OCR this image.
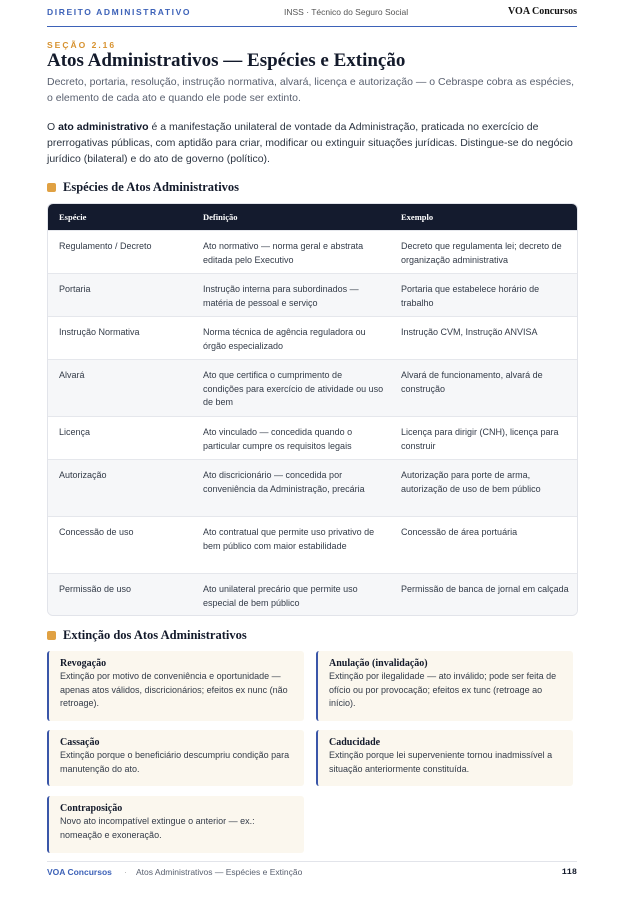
DIREITO ADMINISTRATIVO	INSS · Técnico do Seguro Social	VOA Concursos
SEÇÃO 2.16
Atos Administrativos — Espécies e Extinção

Decreto, portaria, resolução, instrução normativa, alvará, licença e autorização — o Cebraspe cobra as espécies, o elemento de cada ato e quando ele pode ser extinto.

O ato administrativo é a manifestação unilateral de vontade da Administração, praticada no exercício de prerrogativas públicas, com aptidão para criar, modificar ou extinguir situações jurídicas. Distingue-se do negócio jurídico (bilateral) e do ato de governo (político).

Espécies de Atos Administrativos
Espécie	Definição	Exemplo
Regulamento / Decreto	Ato normativo — norma geral e abstrata editada pelo Executivo	Decreto que regulamenta lei; decreto de organização administrativa
Portaria	Instrução interna para subordinados — matéria de pessoal e serviço	Portaria que estabelece horário de trabalho
Instrução Normativa	Norma técnica de agência reguladora ou órgão especializado	Instrução CVM, Instrução ANVISA
Alvará	Ato que certifica o cumprimento de condições para exercício de atividade ou uso de bem	Alvará de funcionamento, alvará de construção
Licença	Ato vinculado — concedida quando o particular cumpre os requisitos legais	Licença para dirigir (CNH), licença para construir
Autorização	Ato discricionário — concedida por conveniência da Administração, precária	Autorização para porte de arma, autorização de uso de bem público
Concessão de uso	Ato contratual que permite uso privativo de bem público com maior estabilidade	Concessão de área portuária
Permissão de uso	Ato unilateral precário que permite uso especial de bem público	Permissão de banca de jornal em calçada
Extinção dos Atos Administrativos
Revogação
Extinção por motivo de conveniência e oportunidade — apenas atos válidos, discricionários; efeitos ex nunc (não retroage).
Anulação (invalidação)
Extinção por ilegalidade — ato inválido; pode ser feita de ofício ou por provocação; efeitos ex tunc (retroage ao início).
Cassação
Extinção porque o beneficiário descumpriu condição para manutenção do ato.
Caducidade
Extinção porque lei superveniente tornou inadmissível a situação anteriormente constituída.
Contraposição
Novo ato incompatível extingue o anterior — ex.: nomeação e exoneração.
VOA Concursos · Atos Administrativos — Espécies e Extinção	118
